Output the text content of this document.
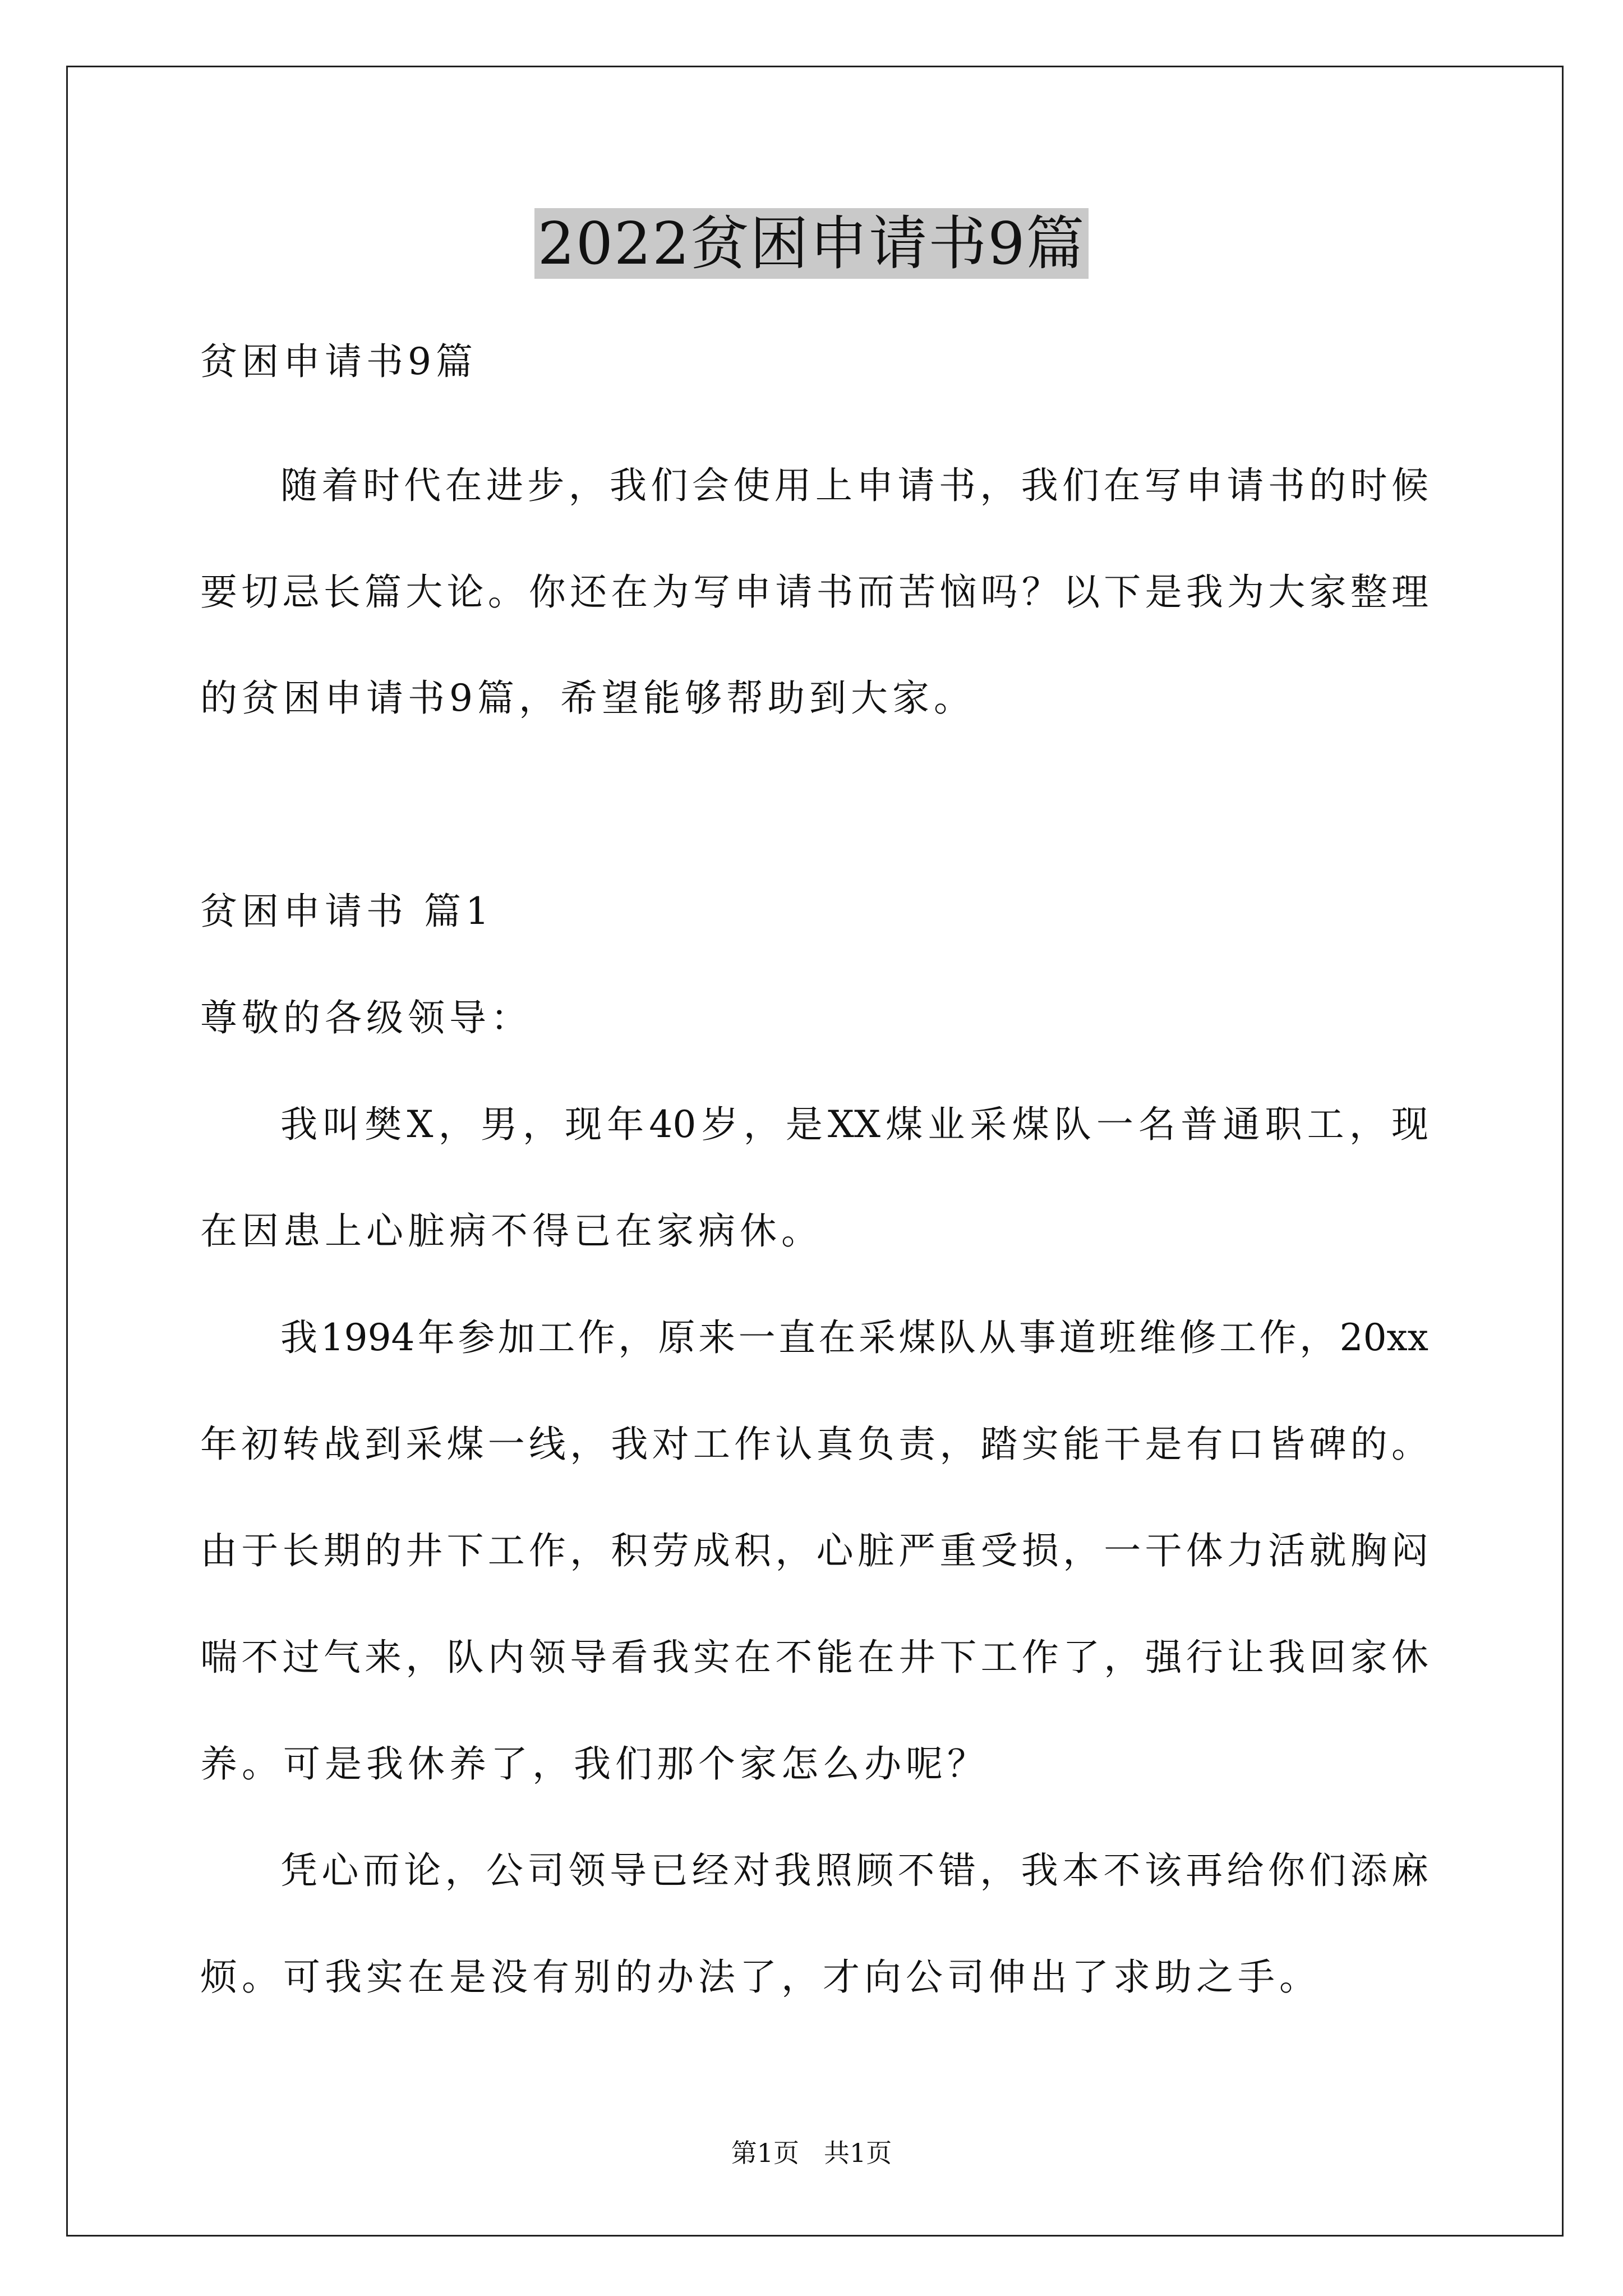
2022贫困申请书9篇
贫困申请书9篇
随着时代在进步，我们会使用上申请书，我们在写申请书的时候
要切忌长篇大论。你还在为写申请书而苦恼吗？以下是我为大家整理
的贫困申请书9篇，希望能够帮助到大家。
贫困申请书 篇1
尊敬的各级领导：
我叫樊X，男，现年40岁，是XX煤业采煤队一名普通职工，现
在因患上心脏病不得已在家病休。
我1994年参加工作，原来一直在采煤队从事道班维修工作，20xx
年初转战到采煤一线，我对工作认真负责，踏实能干是有口皆碑的。
由于长期的井下工作，积劳成积，心脏严重受损，一干体力活就胸闷
喘不过气来，队内领导看我实在不能在井下工作了，强行让我回家休
养。可是我休养了，我们那个家怎么办呢？
凭心而论，公司领导已经对我照顾不错，我本不该再给你们添麻
烦。可我实在是没有别的办法了，才向公司伸出了求助之手。
第1页 共1页
